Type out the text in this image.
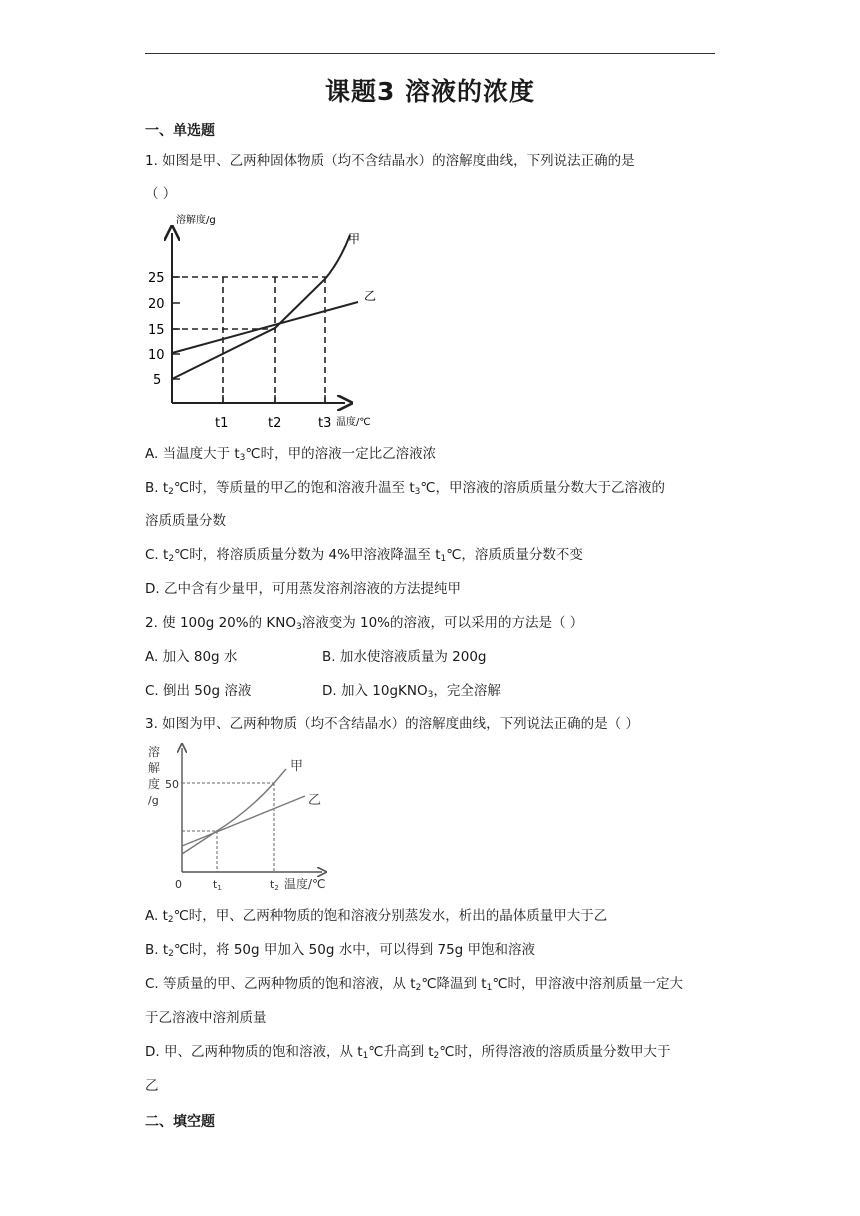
课题3 溶液的浓度
一、单选题
1. 如图是甲、乙两种固体物质（均不含结晶水）的溶解度曲线，下列说法正确的是
（ ）
溶解度/g
25
20
15
10
5
甲
乙
t1	t2	t3 温度/℃
A. 当温度大于 $t_3℃$时，甲的溶液一定比乙溶液浓
B. $t_2℃$时，等质量的甲乙的饱和溶液升温至 $t_3℃$，甲溶液的溶质质量分数大于乙溶液的
溶质质量分数
C. $t_2℃$时，将溶质质量分数为 4%甲溶液降温至 $t_1℃$，溶质质量分数不变
D. 乙中含有少量甲，可用蒸发溶剂溶液的方法提纯甲
2. 使 100g 20%的 $KNO_3$溶液变为 10%的溶液，可以采用的方法是（ ）
A. 加入 80g 水	B. 加水使溶液质量为 200g
C. 倒出 50g 溶液	D. 加入 10gKNO$_3$，完全溶解
3. 如图为甲、乙两种物质（均不含结晶水）的溶解度曲线，下列说法正确的是（ ）
溶
解
度
/g
50
甲
乙
0	t1	t2 温度/℃
A. $t_2℃$时，甲、乙两种物质的饱和溶液分别蒸发水，析出的晶体质量甲大于乙
B. $t_2℃$时，将 50g 甲加入 50g 水中，可以得到 75g 甲饱和溶液
C. 等质量的甲、乙两种物质的饱和溶液，从 $t_2℃$降温到 $t_1℃$时，甲溶液中溶剂质量一定大
于乙溶液中溶剂质量
D. 甲、乙两种物质的饱和溶液，从 $t_1℃$升高到 $t_2℃$时，所得溶液的溶质质量分数甲大于
乙
二、填空题
